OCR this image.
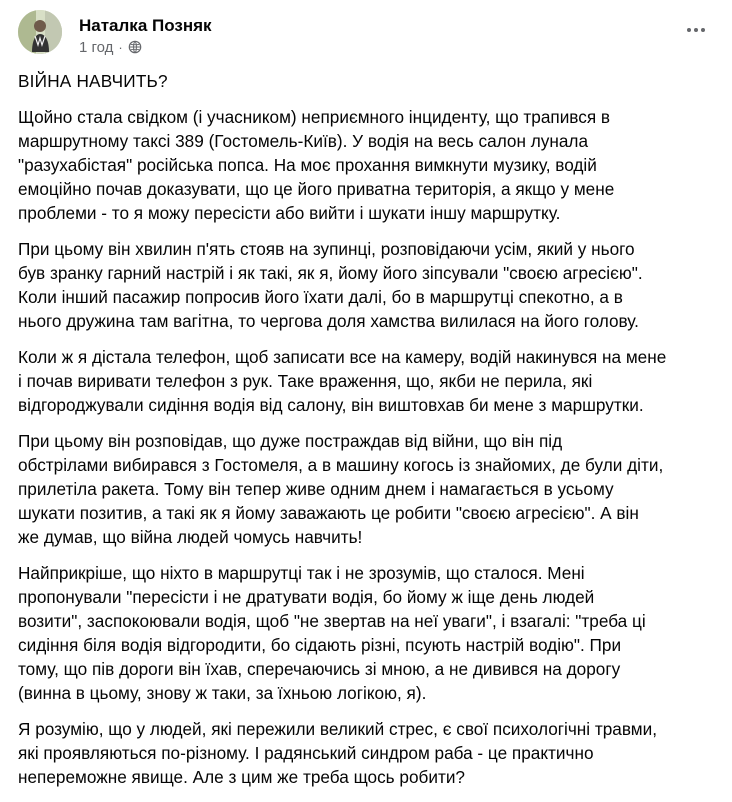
Наталка Позняк
1 год ·

ВІЙНА НАВЧИТЬ?

Щойно стала свідком (і учасником) неприємного інциденту, що трапився в
маршрутному таксі 389 (Гостомель-Київ). У водія на весь салон лунала
"разухабістая" російська попса. На моє прохання вимкнути музику, водій
емоційно почав доказувати, що це його приватна територія, а якщо у мене
проблеми - то я можу пересісти або вийти і шукати іншу маршрутку.

При цьому він хвилин п'ять стояв на зупинці, розповідаючи усім, який у нього
був зранку гарний настрій і як такі, як я, йому його зіпсували "своєю агресією".
Коли інший пасажир попросив його їхати далі, бо в маршрутці спекотно, а в
нього дружина там вагітна, то чергова доля хамства вилилася на його голову.

Коли ж я дістала телефон, щоб записати все на камеру, водій накинувся на мене
і почав виривати телефон з рук. Таке враження, що, якби не перила, які
відгороджували сидіння водія від салону, він виштовхав би мене з маршрутки.

При цьому він розповідав, що дуже постраждав від війни, що він під
обстрілами вибирався з Гостомеля, а в машину когось із знайомих, де були діти,
прилетіла ракета. Тому він тепер живе одним днем і намагається в усьому
шукати позитив, а такі як я йому заважають це робити "своєю агресією". А він
же думав, що війна людей чомусь навчить!

Найприкріше, що ніхто в маршрутці так і не зрозумів, що сталося. Мені
пропонували "пересісти і не дратувати водія, бо йому ж іще день людей
возити", заспокоювали водія, щоб "не звертав на неї уваги", і взагалі: "треба ці
сидіння біля водія відгородити, бо сідають різні, псують настрій водію". При
тому, що пів дороги він їхав, сперечаючись зі мною, а не дивився на дорогу
(винна в цьому, знову ж таки, за їхньою логікою, я).

Я розумію, що у людей, які пережили великий стрес, є свої психологічні травми,
які проявляються по-різному. І радянський синдром раба - це практично
непереможне явище. Але з цим же треба щось робити?
